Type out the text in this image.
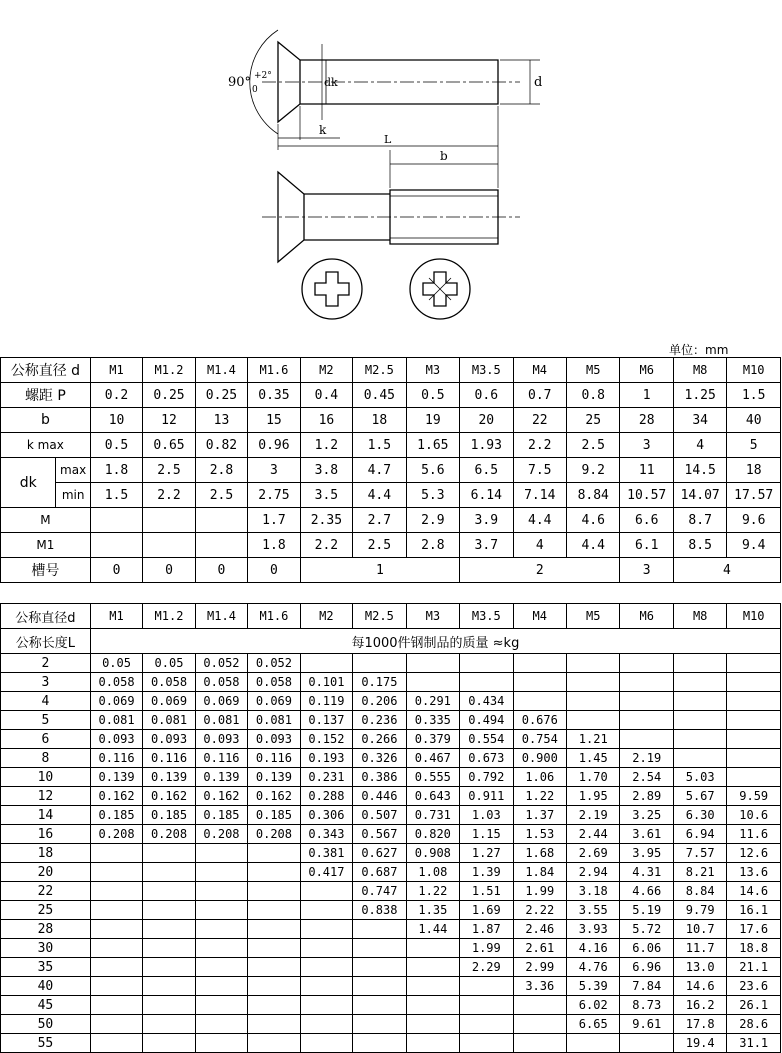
90° +2°
0
dk	d
k
L
b
单位：mm
公称直径 d		M1	M1.2	M1.4	M1.6	M2	M2.5	M3	M3.5	M4	M5	M6	M8	M10
螺距 P		0.2	0.25	0.25	0.35	0.4	0.45	0.5	0.6	0.7	0.8	1	1.25	1.5
b		10	12	13	15	16	18	19	20	22	25	28	34	40
k max		0.5	0.65	0.82	0.96	1.2	1.5	1.65	1.93	2.2	2.5	3	4	5
dk	max	1.8	2.5	2.8	3	3.8	4.7	5.6	6.5	7.5	9.2	11	14.5	18
	min	1.5	2.2	2.5	2.75	3.5	4.4	5.3	6.14	7.14	8.84	10.57	14.07	17.57
M					1.7	2.35	2.7	2.9	3.9	4.4	4.6	6.6	8.7	9.6
M1					1.8	2.2	2.5	2.8	3.7	4	4.4	6.1	8.5	9.4
槽号		0	0	0	0	1			2			3	4	
公称直径d	M1	M1.2	M1.4	M1.6	M2	M2.5	M3	M3.5	M4	M5	M6	M8	M10
公称长度L	每1000件钢制品的质量 ≈kg												
2	0.05	0.05	0.052	0.052									
3	0.058	0.058	0.058	0.058	0.101	0.175							
4	0.069	0.069	0.069	0.069	0.119	0.206	0.291	0.434					
5	0.081	0.081	0.081	0.081	0.137	0.236	0.335	0.494	0.676				
6	0.093	0.093	0.093	0.093	0.152	0.266	0.379	0.554	0.754	1.21			
8	0.116	0.116	0.116	0.116	0.193	0.326	0.467	0.673	0.900	1.45	2.19		
10	0.139	0.139	0.139	0.139	0.231	0.386	0.555	0.792	1.06	1.70	2.54	5.03	
12	0.162	0.162	0.162	0.162	0.288	0.446	0.643	0.911	1.22	1.95	2.89	5.67	9.59
14	0.185	0.185	0.185	0.185	0.306	0.507	0.731	1.03	1.37	2.19	3.25	6.30	10.6
16	0.208	0.208	0.208	0.208	0.343	0.567	0.820	1.15	1.53	2.44	3.61	6.94	11.6
18					0.381	0.627	0.908	1.27	1.68	2.69	3.95	7.57	12.6
20					0.417	0.687	1.08	1.39	1.84	2.94	4.31	8.21	13.6
22						0.747	1.22	1.51	1.99	3.18	4.66	8.84	14.6
25						0.838	1.35	1.69	2.22	3.55	5.19	9.79	16.1
28							1.44	1.87	2.46	3.93	5.72	10.7	17.6
30								1.99	2.61	4.16	6.06	11.7	18.8
35								2.29	2.99	4.76	6.96	13.0	21.1
40									3.36	5.39	7.84	14.6	23.6
45										6.02	8.73	16.2	26.1
50										6.65	9.61	17.8	28.6
55												19.4	31.1
